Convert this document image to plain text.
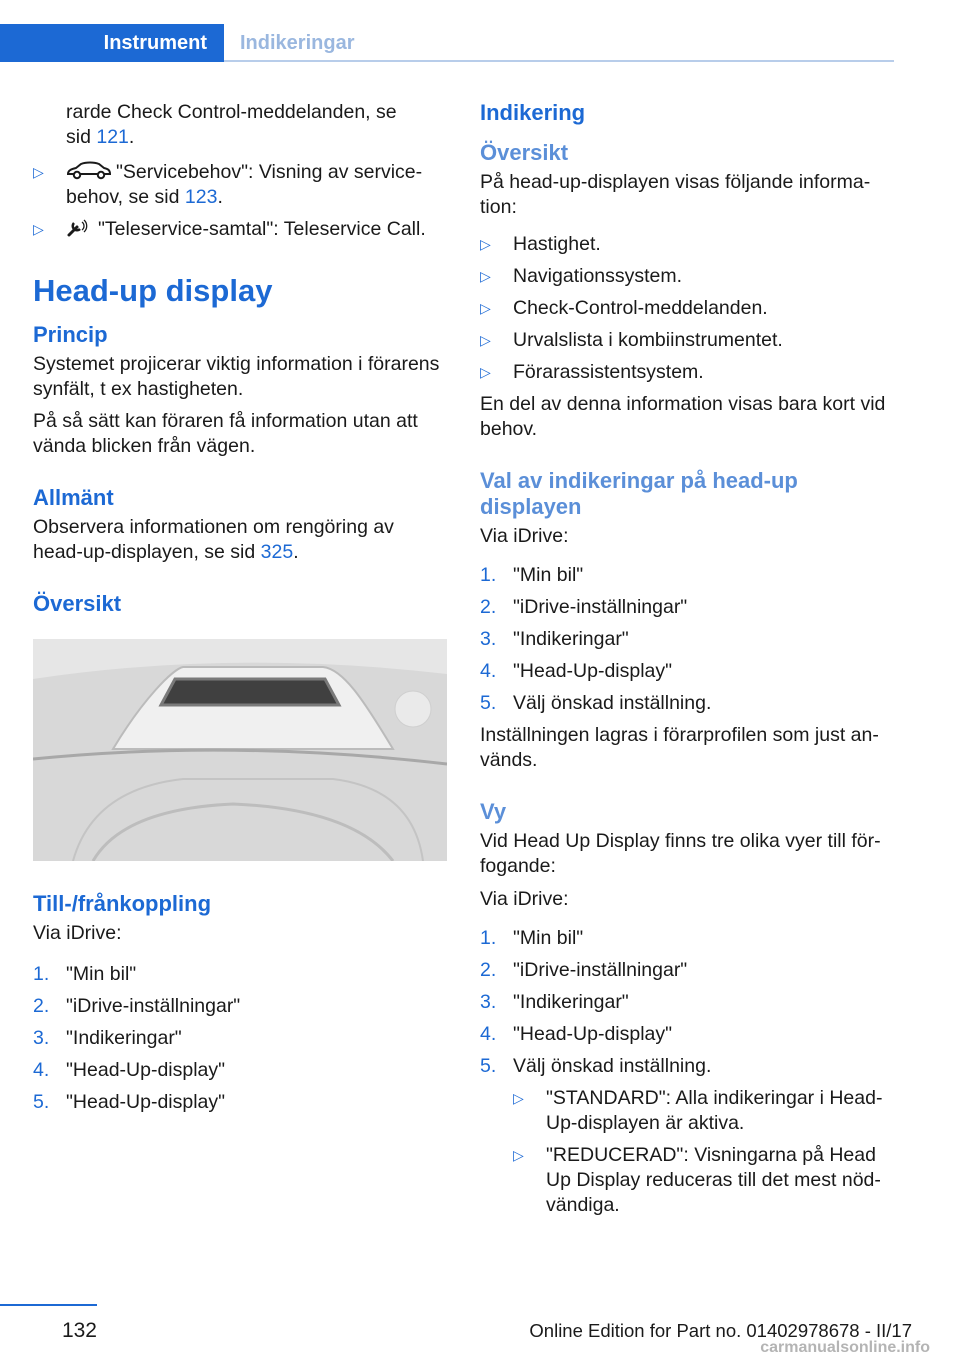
Instrument	Indikeringar

rarde Check Control-meddelanden, se
sid 121.

▷	"Servicebehov": Visning av service-
behov, se sid 123.
▷	"Teleservice-samtal": Teleservice Call.
Head-up display
Princip

Systemet projicerar viktig information i förarens synfält, t ex hastigheten.

På så sätt kan föraren få information utan att vända blicken från vägen.

Allmänt

Observera informationen om rengöring av head-up-displayen, se sid 325.

Översikt
Till-/frånkoppling

Via iDrive:

1. "Min bil"
2. "iDrive-inställningar"
3. "Indikeringar"
4. "Head-Up-display"
5. "Head-Up-display"
Indikering
Översikt

På head-up-displayen visas följande information:

▷ Hastighet.
▷ Navigationssystem.
▷ Check-Control-meddelanden.
▷ Urvalslista i kombiinstrumentet.
▷ Förarassistentsystem.

En del av denna information visas bara kort vid behov.

Val av indikeringar på head-up displayen

Via iDrive:

1. "Min bil"
2. "iDrive-inställningar"
3. "Indikeringar"
4. "Head-Up-display"
5. Välj önskad inställning.

Inställningen lagras i förarprofilen som just används.

Vy

Vid Head Up Display finns tre olika vyer till förfogande:

Via iDrive:

1. "Min bil"
2. "iDrive-inställningar"
3. "Indikeringar"
4. "Head-Up-display"
5. Välj önskad inställning.
▷ "STANDARD": Alla indikeringar i Head-Up-displayen är aktiva.
▷ "REDUCERAD": Visningarna på Head Up Display reduceras till det mest nödvändiga.
132	Online Edition for Part no. 01402978678 - II/17
carmanualsonline.info
